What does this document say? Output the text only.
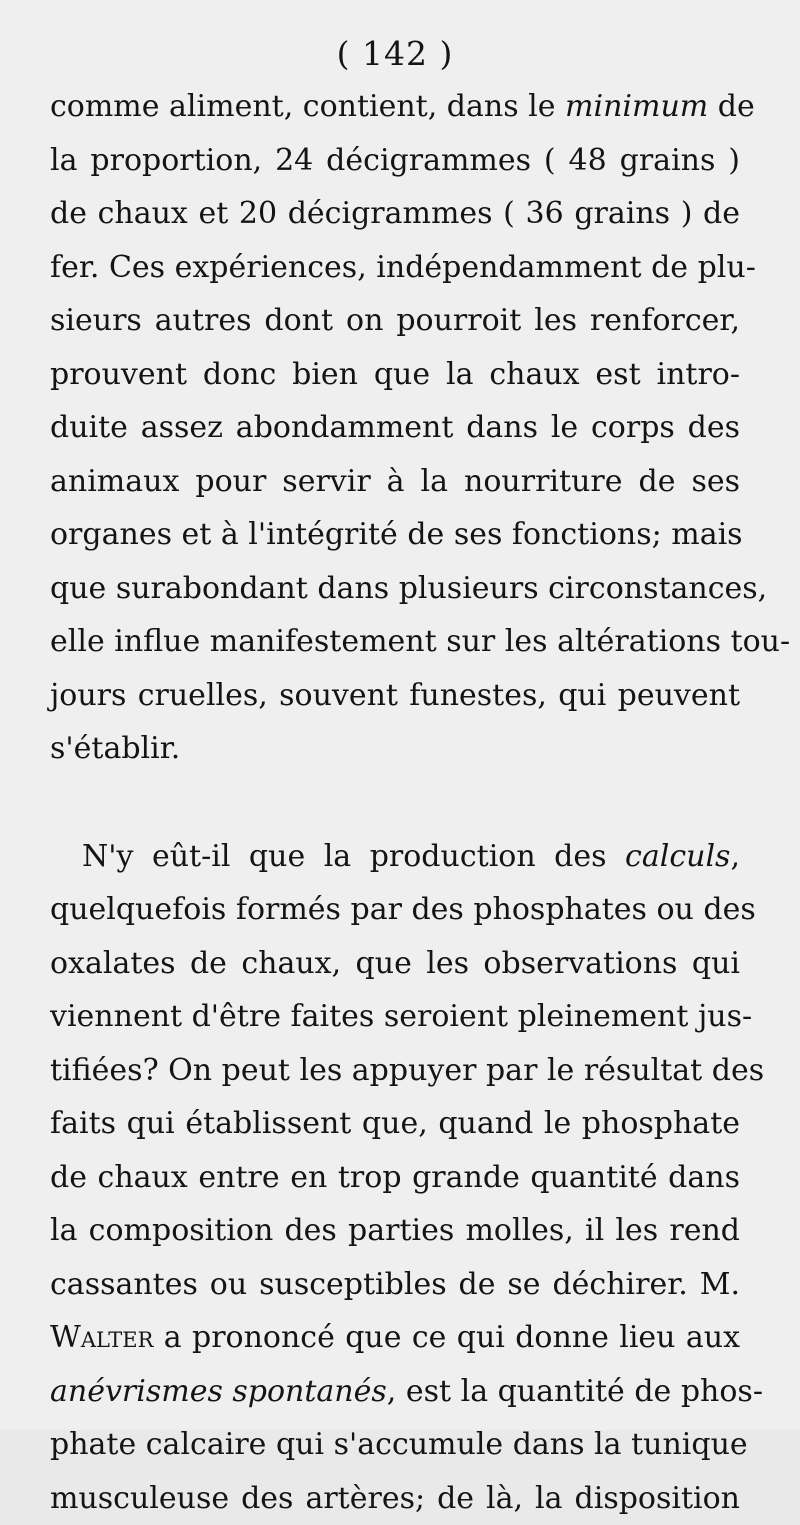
( 142 )
comme aliment, contient, dans le minimum de
la proportion, 24 décigrammes ( 48 grains )
de chaux et 20 décigrammes ( 36 grains ) de
fer. Ces expériences, indépendamment de plu-
sieurs autres dont on pourroit les renforcer,
prouvent donc bien que la chaux est intro-
duite assez abondamment dans le corps des
animaux pour servir à la nourriture de ses
organes et à l'intégrité de ses fonctions; mais
que surabondant dans plusieurs circonstances,
elle influe manifestement sur les altérations tou-
jours cruelles, souvent funestes, qui peuvent
s'établir.
N'y eût-il que la production des calculs,
quelquefois formés par des phosphates ou des
oxalates de chaux, que les observations qui
viennent d'être faites seroient pleinement jus-
tifiées? On peut les appuyer par le résultat des
faits qui établissent que, quand le phosphate
de chaux entre en trop grande quantité dans
la composition des parties molles, il les rend
cassantes ou susceptibles de se déchirer. M.
Walter a prononcé que ce qui donne lieu aux
anévrismes spontanés, est la quantité de phos-
phate calcaire qui s'accumule dans la tunique
musculeuse des artères; de là, la disposition
